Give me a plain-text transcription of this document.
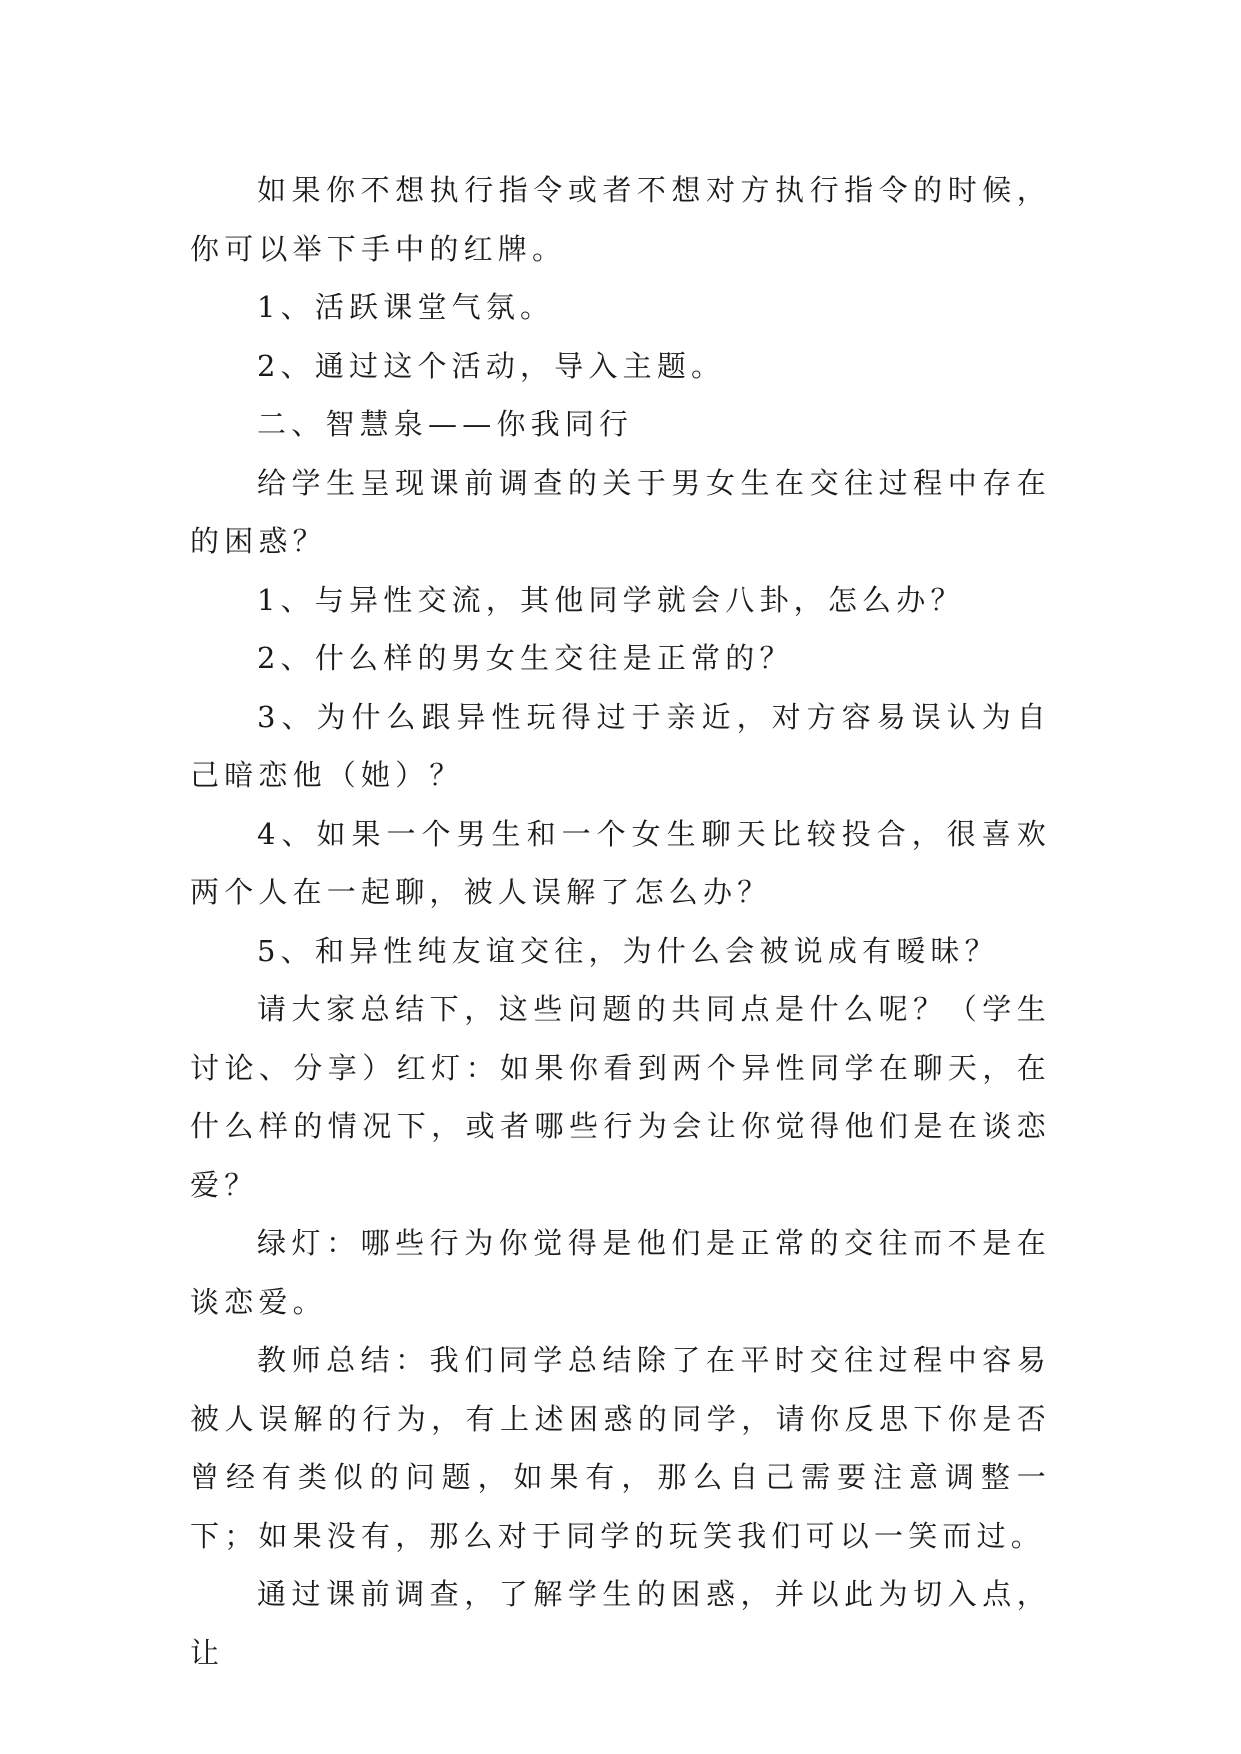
如果你不想执行指令或者不想对方执行指令的时候，你可以举下手中的红牌。

1、活跃课堂气氛。

2、通过这个活动，导入主题。

二、智慧泉——你我同行

给学生呈现课前调查的关于男女生在交往过程中存在的困惑？

1、与异性交流，其他同学就会八卦，怎么办？

2、什么样的男女生交往是正常的？

3、为什么跟异性玩得过于亲近，对方容易误认为自己暗恋他（她）？

4、如果一个男生和一个女生聊天比较投合，很喜欢两个人在一起聊，被人误解了怎么办？

5、和异性纯友谊交往，为什么会被说成有暧昧？

请大家总结下，这些问题的共同点是什么呢？（学生讨论、分享）红灯：如果你看到两个异性同学在聊天，在什么样的情况下，或者哪些行为会让你觉得他们是在谈恋爱？

绿灯：哪些行为你觉得是他们是正常的交往而不是在谈恋爱。

教师总结：我们同学总结除了在平时交往过程中容易被人误解的行为，有上述困惑的同学，请你反思下你是否曾经有类似的问题，如果有，那么自己需要注意调整一下；如果没有，那么对于同学的玩笑我们可以一笑而过。

通过课前调查，了解学生的困惑，并以此为切入点，让
